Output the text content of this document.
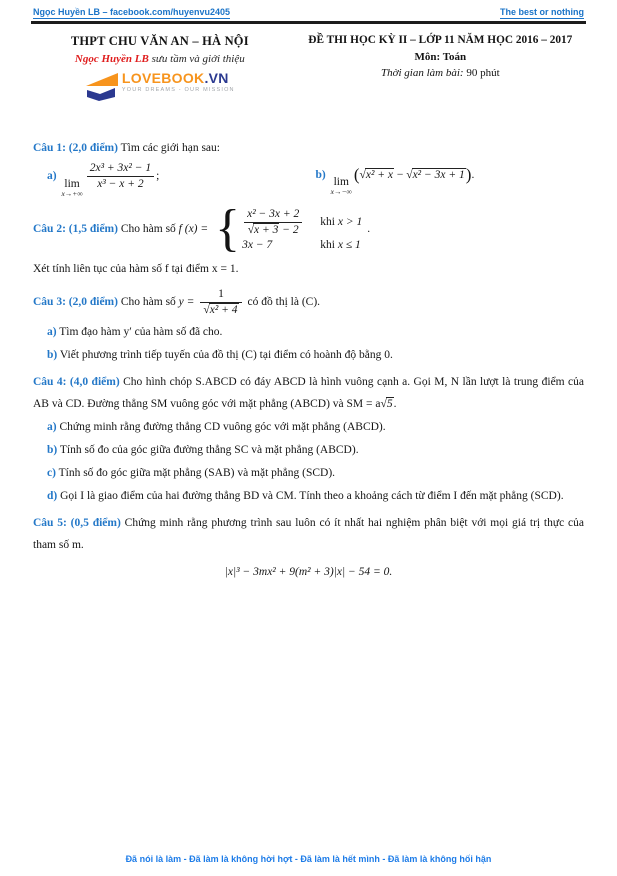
Ngọc Huyền LB – facebook.com/huyenvu2405	The best or nothing
THPT CHU VĂN AN – HÀ NỘI
Ngọc Huyền LB sưu tầm và giới thiệu
LOVEBOOK.VN
YOUR DREAMS - OUR MISSION
ĐỀ THI HỌC KỲ II – LỚP 11 NĂM HỌC 2016 – 2017
Môn: Toán
Thời gian làm bài: 90 phút

Câu 1: (2,0 điểm) Tìm các giới hạn sau:

a)
lim
x→+∞
$\frac{\text{2x³ + 3x² − 1}}{\text{x³ − x + 2}}$ ;	b)
lim
x→−∞
(√x² + x − √x² − 3x + 1).
Câu 2: (1,5 điểm) Cho hàm số f (x) = { $\frac{\text{x² − 3x + 2}}{√x + 3 - 2}$ khi x > 1
3x − 7	khi x ≤ 1
.

Xét tính liên tục của hàm số f tại điểm x = 1.

Câu 3: (2,0 điểm) Cho hàm số $y = \frac{1}{\text{√x² + 4}}$ có đồ thị là (C).

a) Tìm đạo hàm y′ của hàm số đã cho.

b) Viết phương trình tiếp tuyến của đồ thị (C) tại điểm có hoành độ bằng 0.

Câu 4: (4,0 điểm) Cho hình chóp S.ABCD có đáy ABCD là hình vuông cạnh a. Gọi M, N lần lượt là trung điểm của AB và CD. Đường thẳng SM vuông góc với mặt phẳng (ABCD) và SM = a√5.

a) Chứng minh rằng đường thẳng CD vuông góc với mặt phẳng (ABCD).

b) Tính số đo của góc giữa đường thẳng SC và mặt phẳng (ABCD).

c) Tính số đo góc giữa mặt phẳng (SAB) và mặt phẳng (SCD).

d) Gọi I là giao điểm của hai đường thẳng BD và CM. Tính theo a khoảng cách từ điểm I đến mặt phẳng (SCD).

Câu 5: (0,5 điểm) Chứng minh rằng phương trình sau luôn có ít nhất hai nghiệm phân biệt với mọi giá trị thực của tham số m.

|x|³ − 3mx² + 9(m² + 3)|x| − 54 = 0.

Đã nói là làm - Đã làm là không hời hợt - Đã làm là hết mình - Đã làm là không hối hận
